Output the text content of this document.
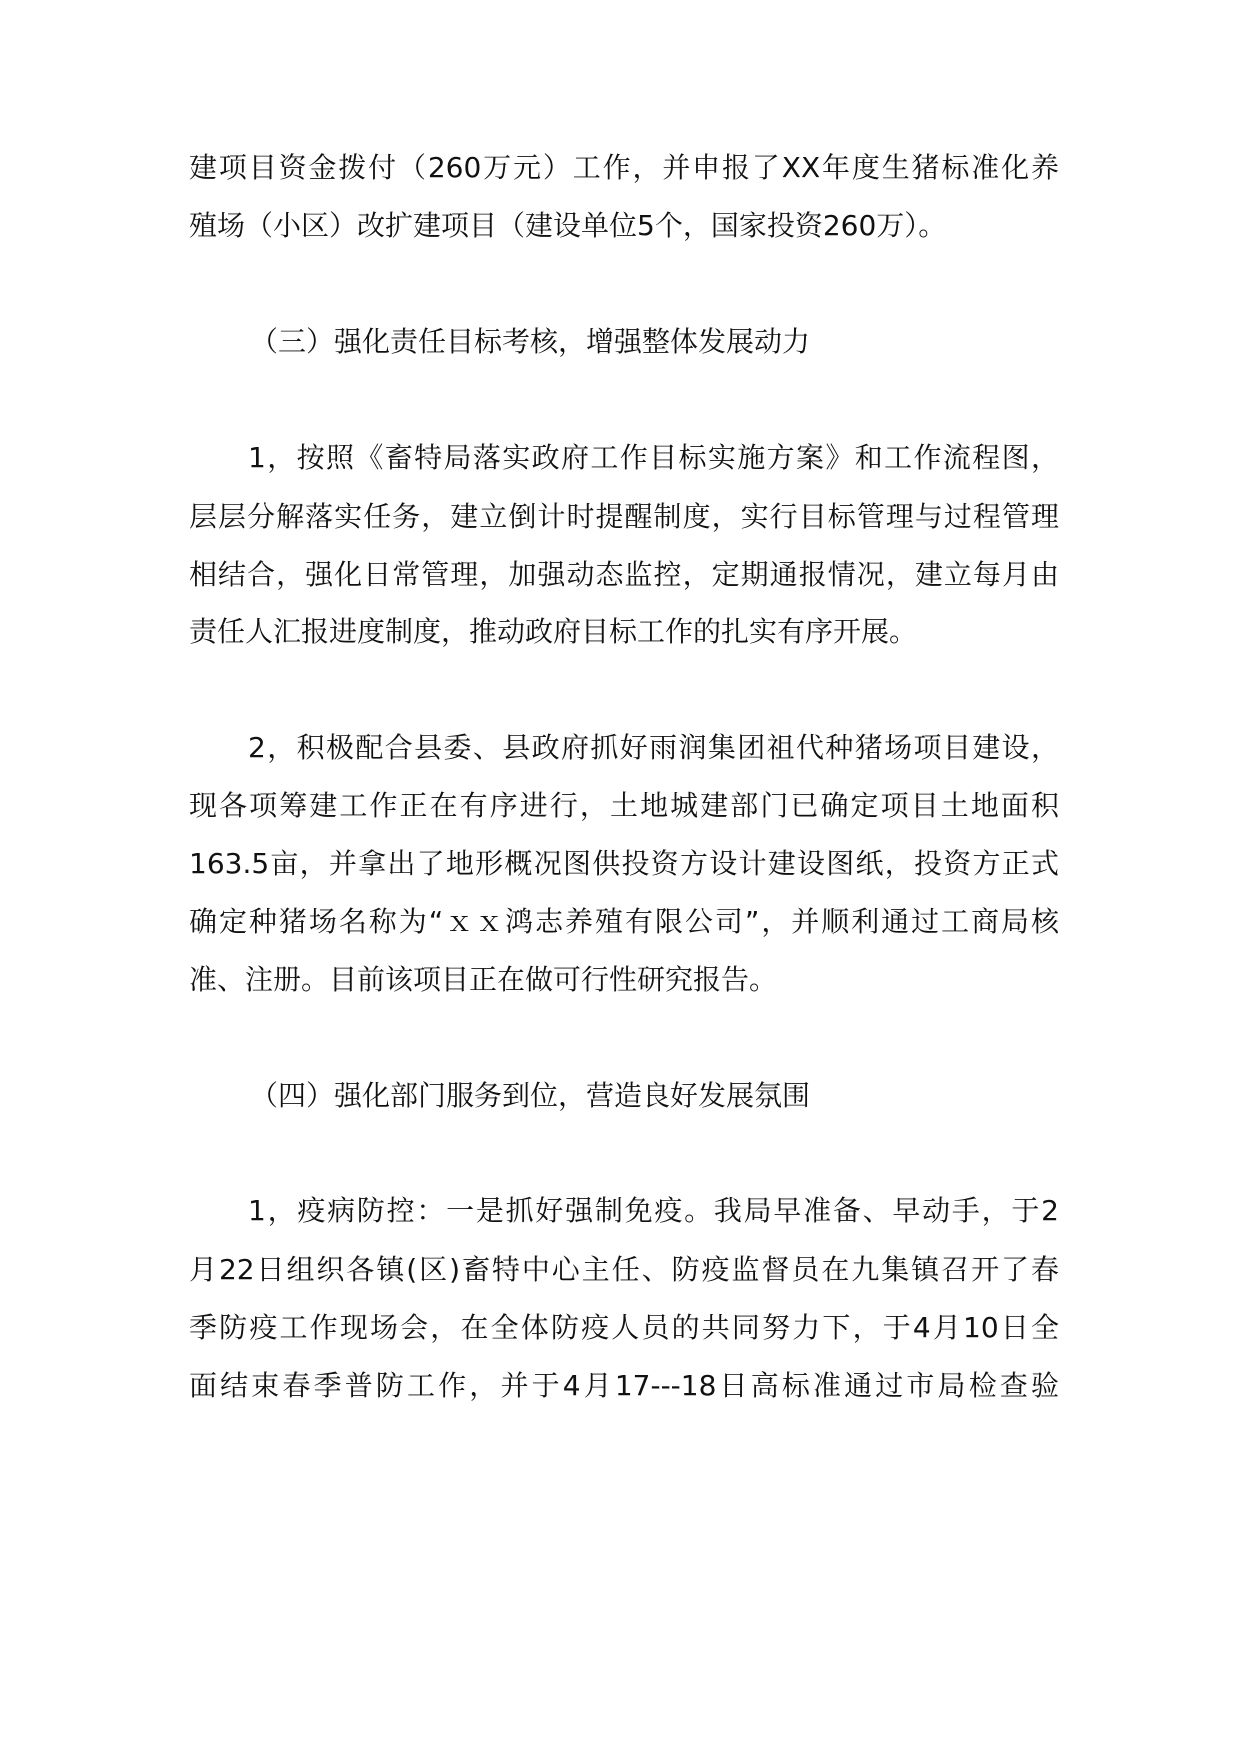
建项目资金拨付（260万元）工作，并申报了XX年度生猪标准化养
殖场（小区）改扩建项目（建设单位5个，国家投资260万）。
（三）强化责任目标考核，增强整体发展动力
1，按照《畜特局落实政府工作目标实施方案》和工作流程图，
层层分解落实任务，建立倒计时提醒制度，实行目标管理与过程管理
相结合，强化日常管理，加强动态监控，定期通报情况，建立每月由
责任人汇报进度制度，推动政府目标工作的扎实有序开展。
2，积极配合县委、县政府抓好雨润集团祖代种猪场项目建设，
现各项筹建工作正在有序进行，土地城建部门已确定项目土地面积
163.5亩，并拿出了地形概况图供投资方设计建设图纸，投资方正式
确定种猪场名称为“ｘｘ鸿志养殖有限公司”，并顺利通过工商局核
准、注册。目前该项目正在做可行性研究报告。
（四）强化部门服务到位，营造良好发展氛围
1，疫病防控：一是抓好强制免疫。我局早准备、早动手，于2
月22日组织各镇(区)畜特中心主任、防疫监督员在九集镇召开了春
季防疫工作现场会，在全体防疫人员的共同努力下，于4月10日全
面结束春季普防工作，并于4月17---18日高标准通过市局检查验
